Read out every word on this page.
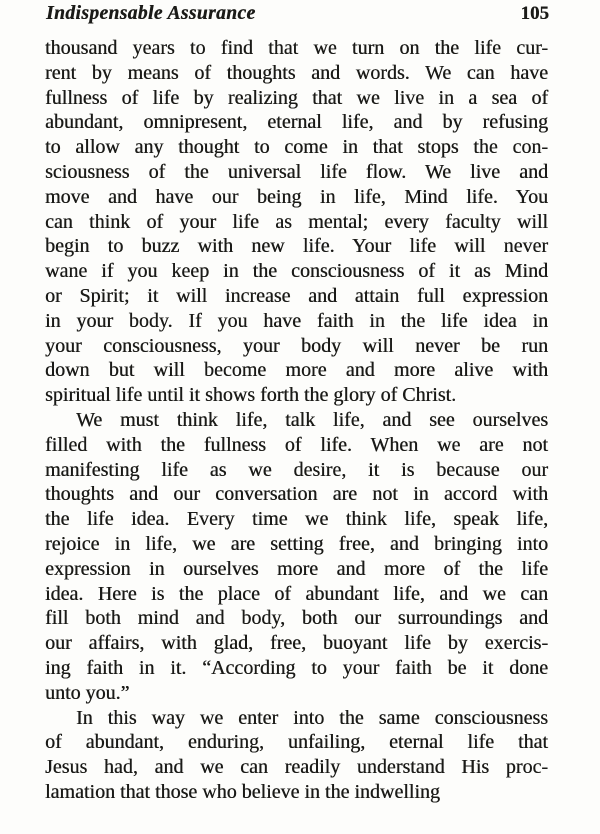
Indispensable Assurance	105
thousand years to find that we turn on the life cur-
rent by means of thoughts and words. We can have
fullness of life by realizing that we live in a sea of
abundant, omnipresent, eternal life, and by refusing
to allow any thought to come in that stops the con-
sciousness of the universal life flow. We live and
move and have our being in life, Mind life. You
can think of your life as mental; every faculty will
begin to buzz with new life. Your life will never
wane if you keep in the consciousness of it as Mind
or Spirit; it will increase and attain full expression
in your body. If you have faith in the life idea in
your consciousness, your body will never be run
down but will become more and more alive with
spiritual life until it shows forth the glory of Christ.
We must think life, talk life, and see ourselves
filled with the fullness of life. When we are not
manifesting life as we desire, it is because our
thoughts and our conversation are not in accord with
the life idea. Every time we think life, speak life,
rejoice in life, we are setting free, and bringing into
expression in ourselves more and more of the life
idea. Here is the place of abundant life, and we can
fill both mind and body, both our surroundings and
our affairs, with glad, free, buoyant life by exercis-
ing faith in it. “According to your faith be it done
unto you.”
In this way we enter into the same consciousness
of abundant, enduring, unfailing, eternal life that
Jesus had, and we can readily understand His proc-
lamation that those who believe in the indwelling
